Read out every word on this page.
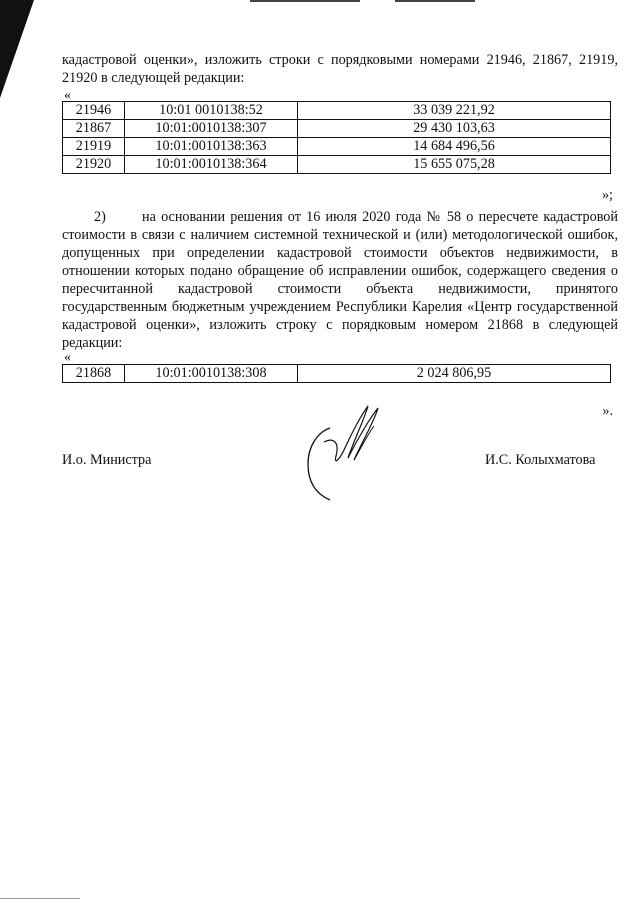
кадастровой оценки», изложить строки с порядковыми номерами 21946, 21867, 21919, 21920 в следующей редакции:
«
21946	10:01 0010138:52	33 039 221,92
21867	10:01:0010138:307	29 430 103,63
21919	10:01:0010138:363	14 684 496,56
21920	10:01:0010138:364	15 655 075,28
»;
2)	на основании решения от 16 июля 2020 года № 58 о пересчете кадастровой стоимости в связи с наличием системной технической и (или) методологической ошибок, допущенных при определении кадастровой стоимости объектов недвижимости, в отношении которых подано обращение об исправлении ошибок, содержащего сведения о пересчитанной кадастровой стоимости объекта недвижимости, принятого государственным бюджетным учреждением Республики Карелия «Центр государственной кадастровой оценки», изложить строку с порядковым номером 21868 в следующей редакции:
«
21868	10:01:0010138:308	2 024 806,95
».
И.о. Министра	И.С. Колыхматова
